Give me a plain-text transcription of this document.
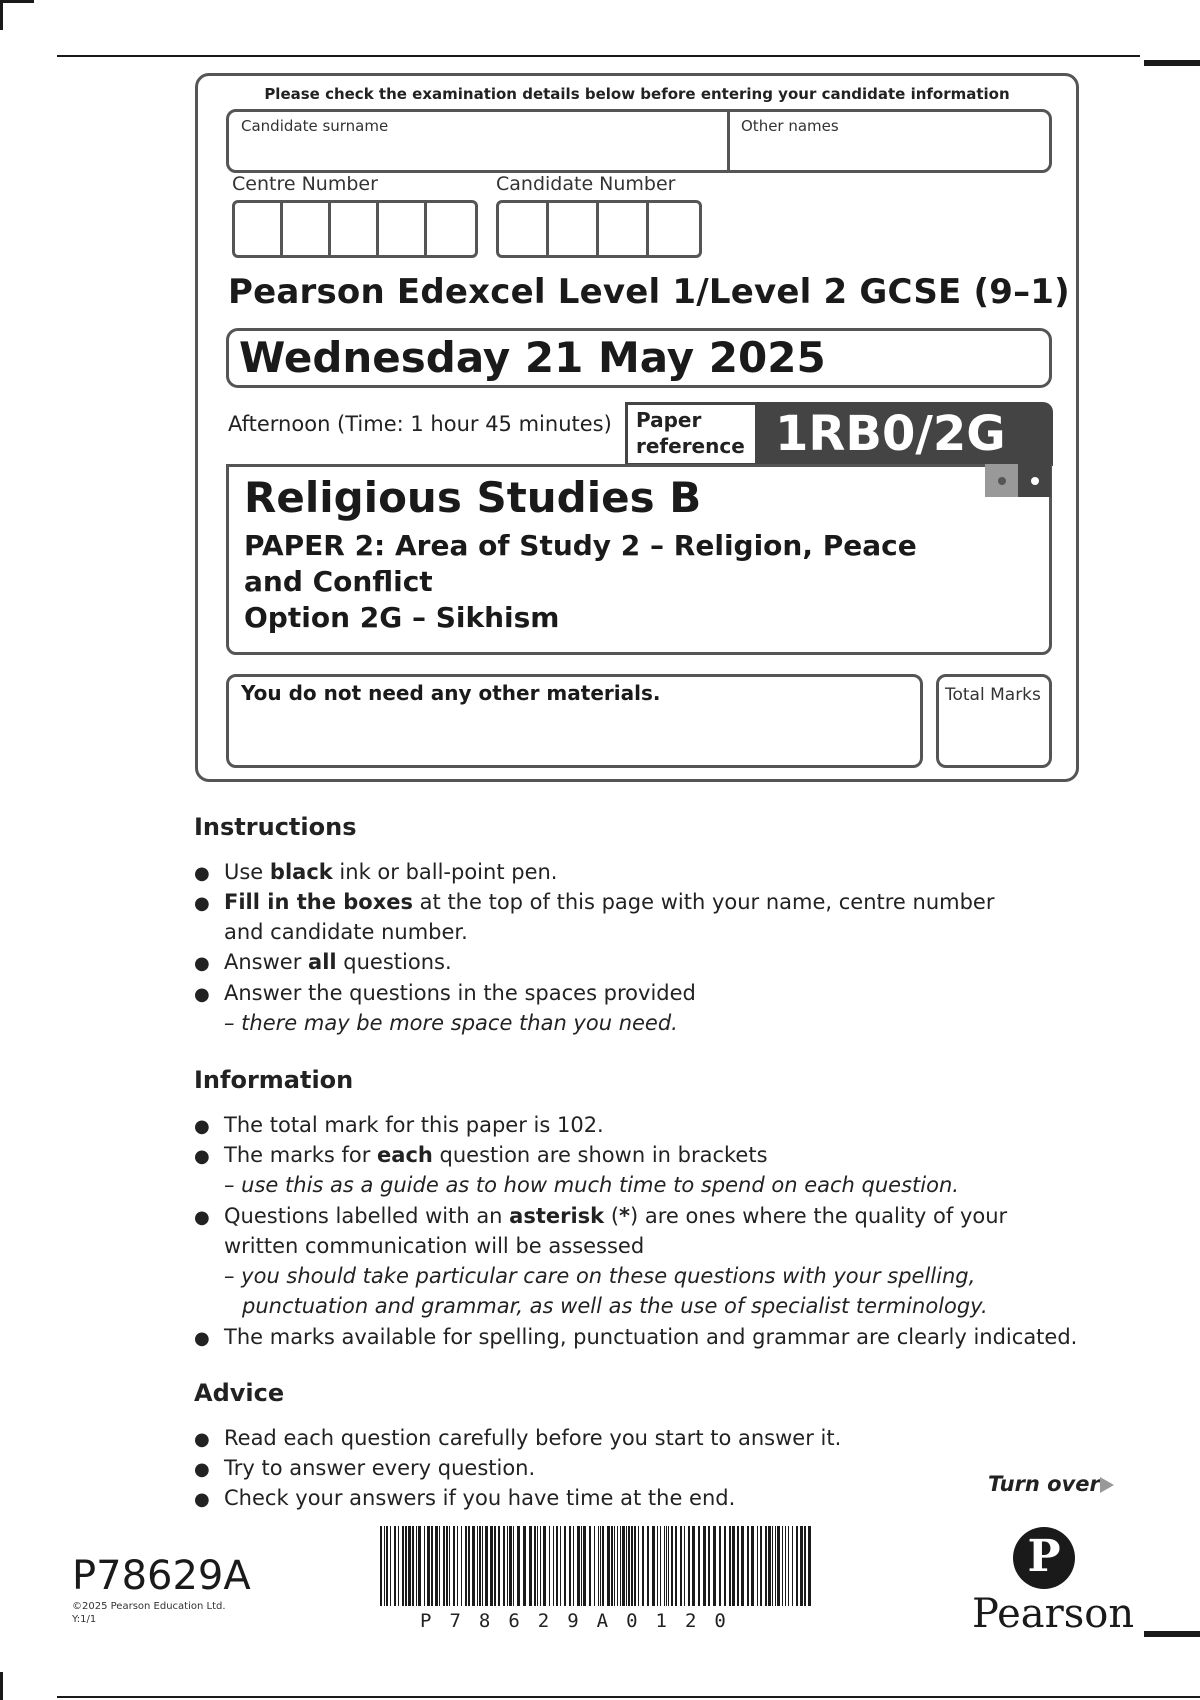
Please check the examination details below before entering your candidate information
Candidate surname	Other names
Centre Number	Candidate Number
Pearson Edexcel Level 1/Level 2 GCSE (9–1)
Wednesday 21 May 2025
Afternoon (Time: 1 hour 45 minutes) Paper reference 1RB0/2G
Religious Studies B
PAPER 2: Area of Study 2 – Religion, Peace
and Conflict
Option 2G – Sikhism
You do not need any other materials.	Total Marks
Instructions
● Use black ink or ball-point pen.
● Fill in the boxes at the top of this page with your name, centre number
and candidate number.
● Answer all questions.
● Answer the questions in the spaces provided
– there may be more space than you need.
Information
● The total mark for this paper is 102.
● The marks for each question are shown in brackets
– use this as a guide as to how much time to spend on each question.
● Questions labelled with an asterisk (*) are ones where the quality of your
written communication will be assessed
– you should take particular care on these questions with your spelling,
punctuation and grammar, as well as the use of specialist terminology.
● The marks available for spelling, punctuation and grammar are clearly indicated.
Advice
● Read each question carefully before you start to answer it.
● Try to answer every question.
● Check your answers if you have time at the end.
Turn over
P78629A
©2025 Pearson Education Ltd.
Y:1/1	P78629A0120
P
Pearson
